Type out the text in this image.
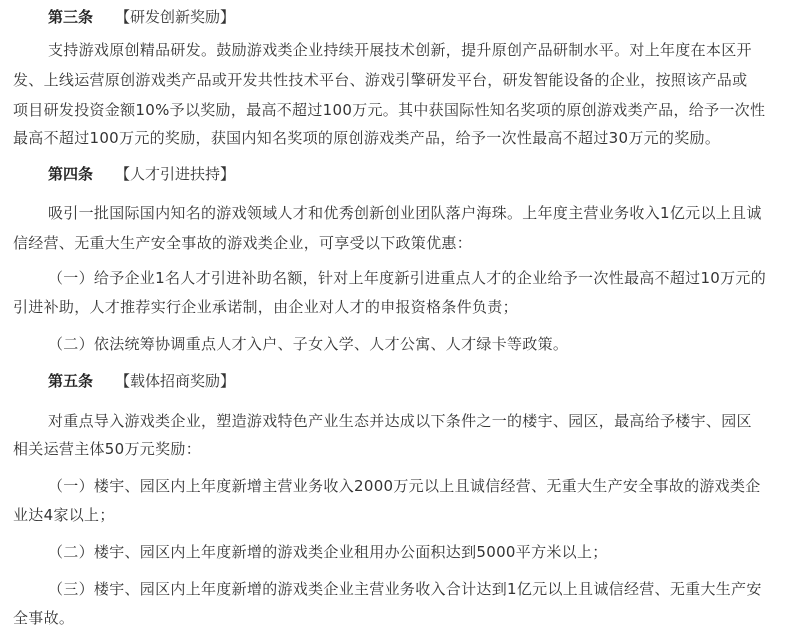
第三条 【研发创新奖励】
支持游戏原创精品研发。鼓励游戏类企业持续开展技术创新，提升原创产品研制水平。对上年度在本区开
发、上线运营原创游戏类产品或开发共性技术平台、游戏引擎研发平台，研发智能设备的企业，按照该产品或
项目研发投资金额10%予以奖励，最高不超过100万元。其中获国际性知名奖项的原创游戏类产品，给予一次性
最高不超过100万元的奖励，获国内知名奖项的原创游戏类产品，给予一次性最高不超过30万元的奖励。
第四条 【人才引进扶持】
吸引一批国际国内知名的游戏领域人才和优秀创新创业团队落户海珠。上年度主营业务收入1亿元以上且诚
信经营、无重大生产安全事故的游戏类企业，可享受以下政策优惠：
（一）给予企业1名人才引进补助名额，针对上年度新引进重点人才的企业给予一次性最高不超过10万元的
引进补助，人才推荐实行企业承诺制，由企业对人才的申报资格条件负责；
（二）依法统筹协调重点人才入户、子女入学、人才公寓、人才绿卡等政策。
第五条 【载体招商奖励】
对重点导入游戏类企业，塑造游戏特色产业生态并达成以下条件之一的楼宇、园区，最高给予楼宇、园区
相关运营主体50万元奖励：
（一）楼宇、园区内上年度新增主营业务收入2000万元以上且诚信经营、无重大生产安全事故的游戏类企
业达4家以上；
（二）楼宇、园区内上年度新增的游戏类企业租用办公面积达到5000平方米以上；
（三）楼宇、园区内上年度新增的游戏类企业主营业务收入合计达到1亿元以上且诚信经营、无重大生产安
全事故。
